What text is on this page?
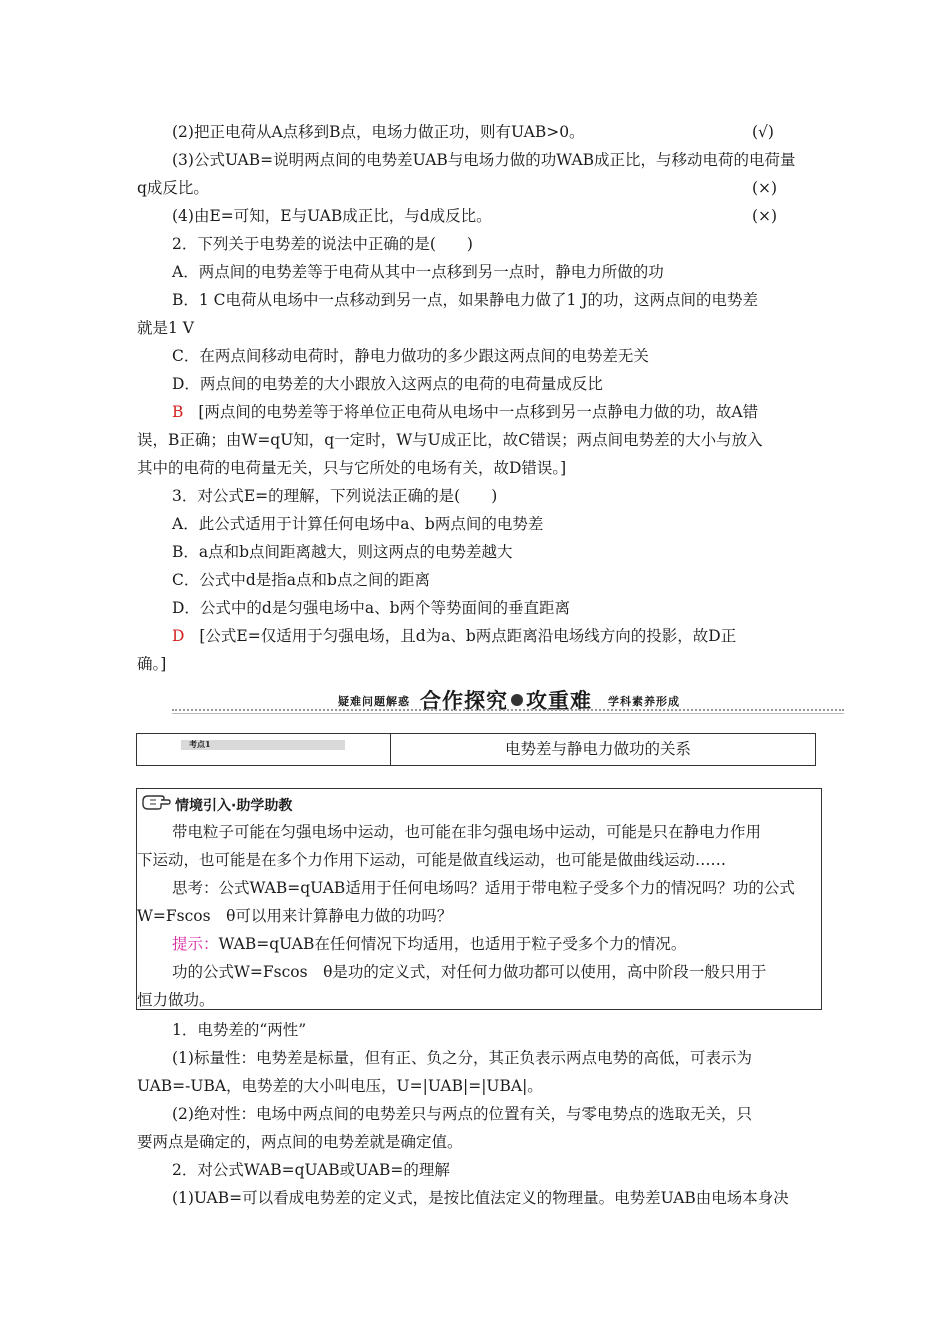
(2)把正电荷从A点移到B点，电场力做正功，则有UAB>0。	(√)
(3)公式UAB=说明两点间的电势差UAB与电场力做的功WAB成正比，与移动电荷的电荷量
q成反比。	(×)
(4)由E=可知，E与UAB成正比，与d成反比。	(×)
2．下列关于电势差的说法中正确的是(　　)
A．两点间的电势差等于电荷从其中一点移到另一点时，静电力所做的功
B．1 C电荷从电场中一点移动到另一点，如果静电力做了1 J的功，这两点间的电势差
就是1 V
C．在两点间移动电荷时，静电力做功的多少跟这两点间的电势差无关
D．两点间的电势差的大小跟放入这两点的电荷的电荷量成反比
B [两点间的电势差等于将单位正电荷从电场中一点移到另一点静电力做的功，故A错
误，B正确；由W=qU知，q一定时，W与U成正比，故C错误；两点间电势差的大小与放入
其中的电荷的电荷量无关，只与它所处的电场有关，故D错误。]
3．对公式E=的理解，下列说法正确的是(　　)
A．此公式适用于计算任何电场中a、b两点间的电势差
B．a点和b点间距离越大，则这两点的电势差越大
C．公式中d是指a点和b点之间的距离
D．公式中的d是匀强电场中a、b两个等势面间的垂直距离
D [公式E=仅适用于匀强电场，且d为a、b两点距离沿电场线方向的投影，故D正
确。]
疑难问题解惑 合作探究 攻重难 学科素养形成
考点1	电势差与静电力做功的关系
情境引入·助学助教
带电粒子可能在匀强电场中运动，也可能在非匀强电场中运动，可能是只在静电力作用
下运动，也可能是在多个力作用下运动，可能是做直线运动，也可能是做曲线运动……
思考：公式WAB=qUAB适用于任何电场吗？适用于带电粒子受多个力的情况吗？功的公式
W=Fscos　θ可以用来计算静电力做的功吗？
提示：WAB=qUAB在任何情况下均适用，也适用于粒子受多个力的情况。
功的公式W=Fscos　θ是功的定义式，对任何力做功都可以使用，高中阶段一般只用于
恒力做功。
1．电势差的“两性”
(1)标量性：电势差是标量，但有正、负之分，其正负表示两点电势的高低，可表示为
UAB=-UBA，电势差的大小叫电压，U=|UAB|=|UBA|。
(2)绝对性：电场中两点间的电势差只与两点的位置有关，与零电势点的选取无关，只
要两点是确定的，两点间的电势差就是确定值。
2．对公式WAB=qUAB或UAB=的理解
(1)UAB=可以看成电势差的定义式，是按比值法定义的物理量。电势差UAB由电场本身决
